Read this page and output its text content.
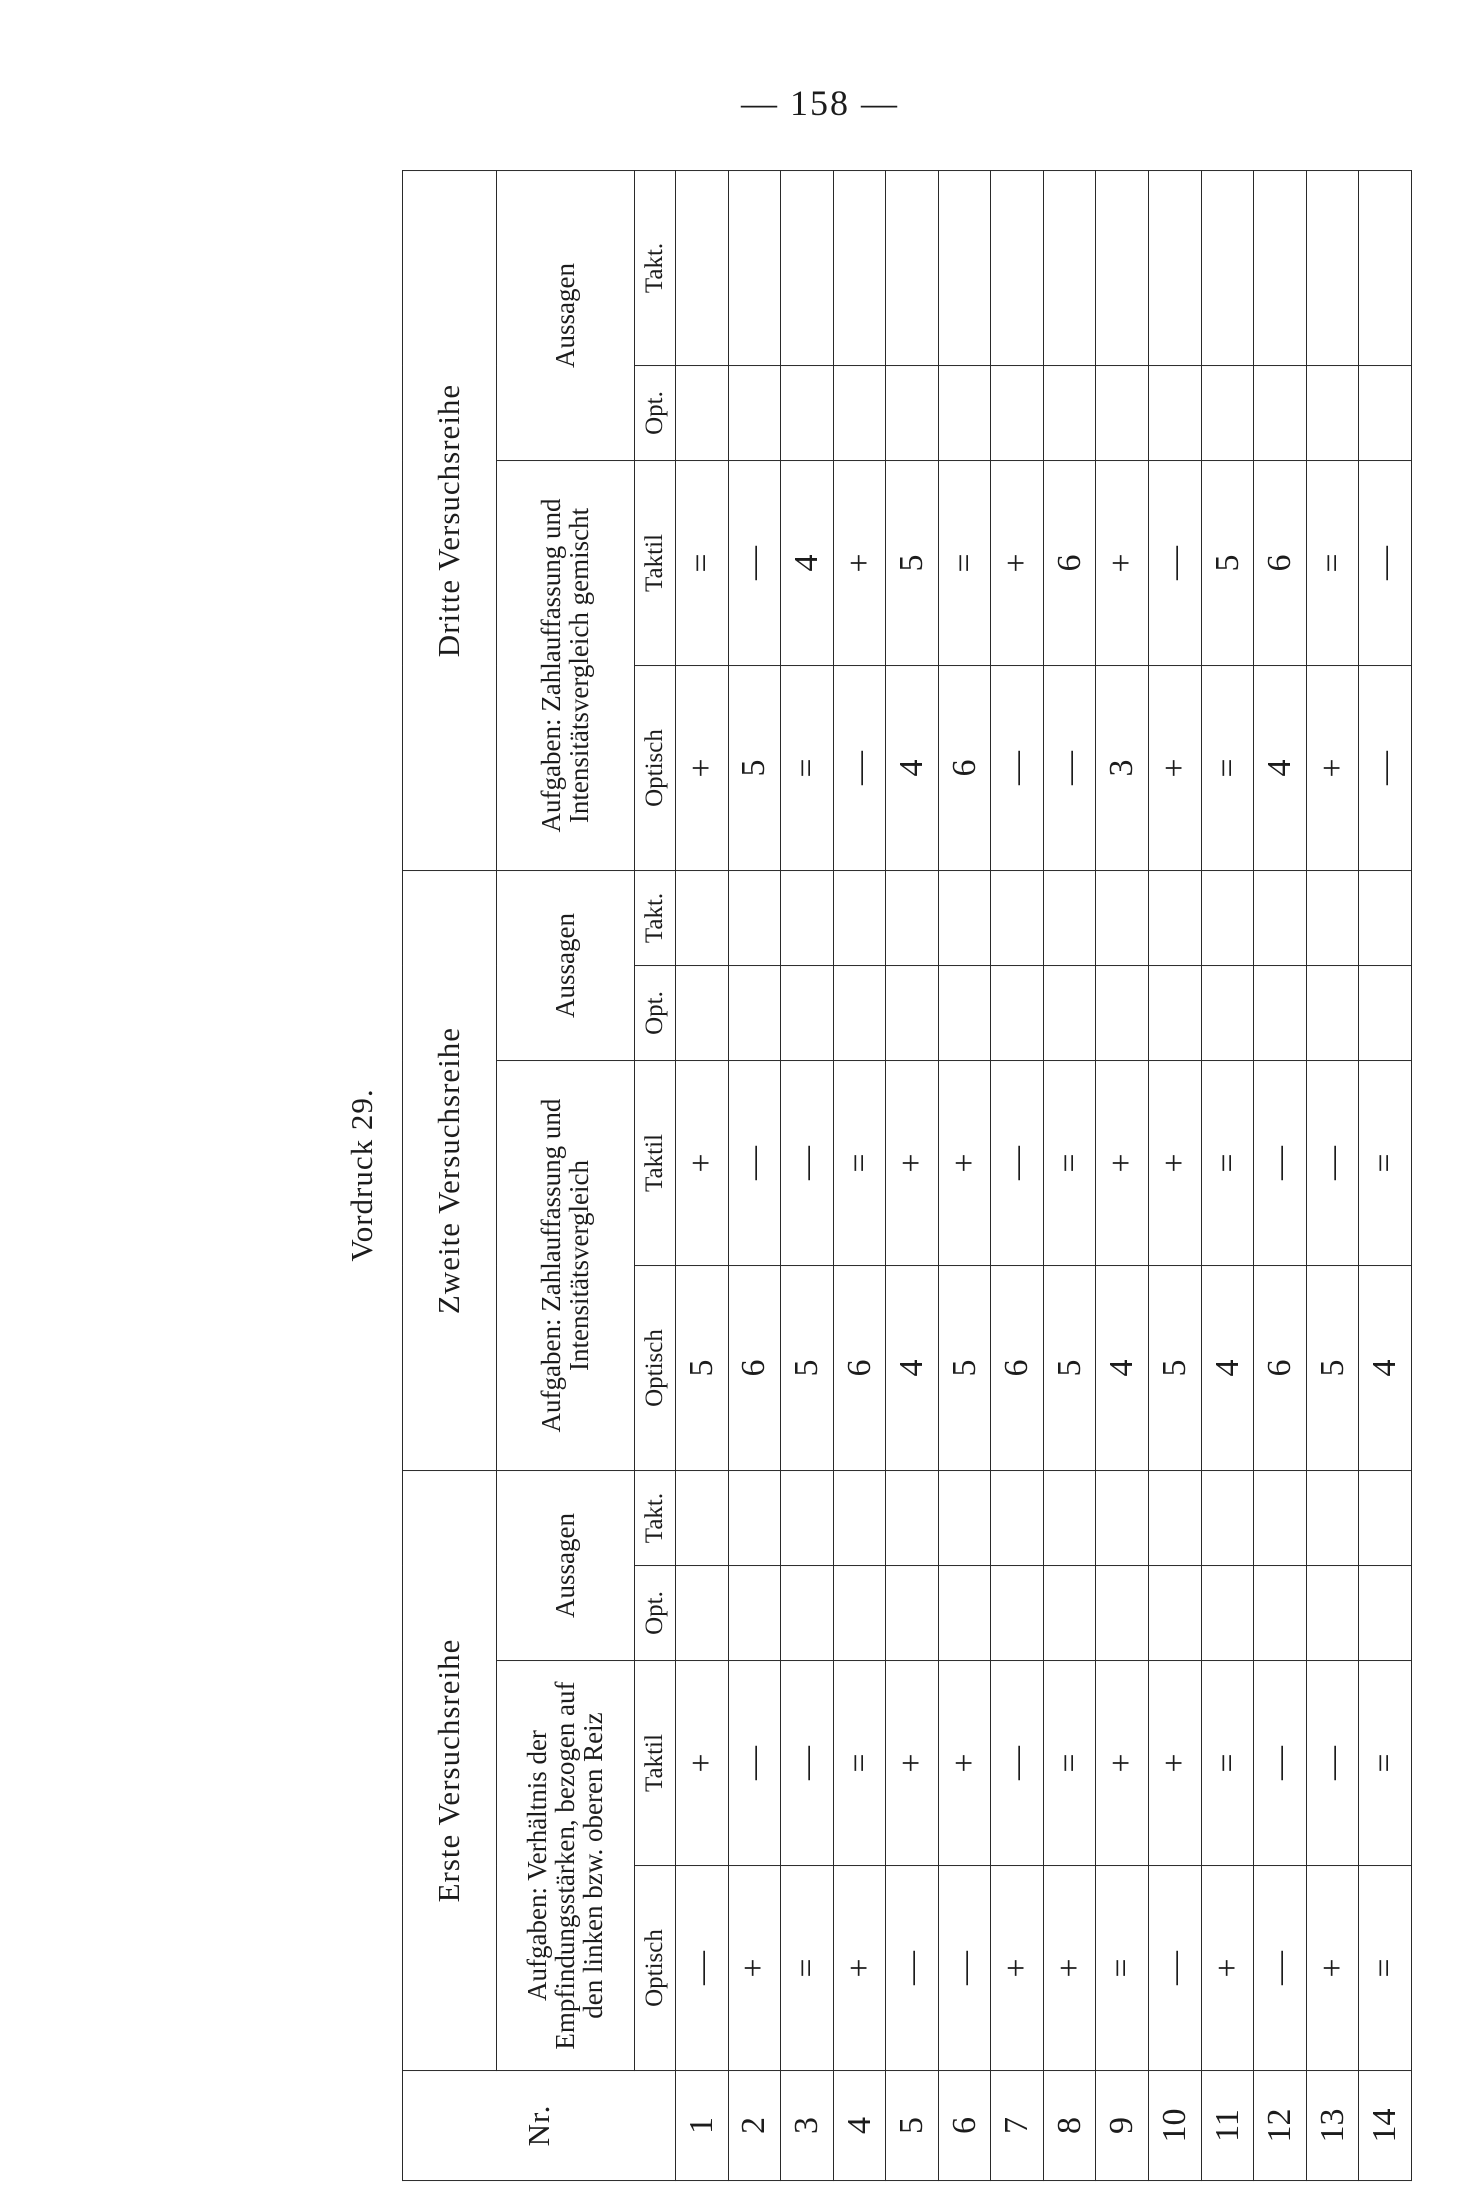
— 158 —
Vordruck 29.
Nr.	Erste Versuchsreihe				Zweite Versuchsreihe				Dritte Versuchsreihe			

	Aufgaben: Verhältnis der Empfindungsstärken, bezogen auf den linken bzw. oberen Reiz		Aussagen		Aufgaben: Zahlauffassung und Intensitätsvergleich		Aussagen		Aufgaben: Zahlauffassung und Intensitätsvergleich gemischt		Aussagen	
	Optisch	Taktil	Opt.	Takt.	Optisch	Taktil	Opt.	Takt.	Optisch	Taktil	Opt.	Takt.
1	—	+			5	+			+	=		
2	+	—			6	—			5	—		
3	=	—			5	—			=	4		
4	+	=			6	=			—	+		
5	—	+			4	+			4	5		
6	—	+			5	+			6	=		
7	+	—			6	—			—	+		
8	+	=			5	=			—	6		
9	=	+			4	+			3	+		
10	—	+			5	+			+	—		
11	+	=			4	=			=	5		
12	—	—			6	—			4	6		
13	+	—			5	—			+	=		
14	=	=			4	=			—	—		
